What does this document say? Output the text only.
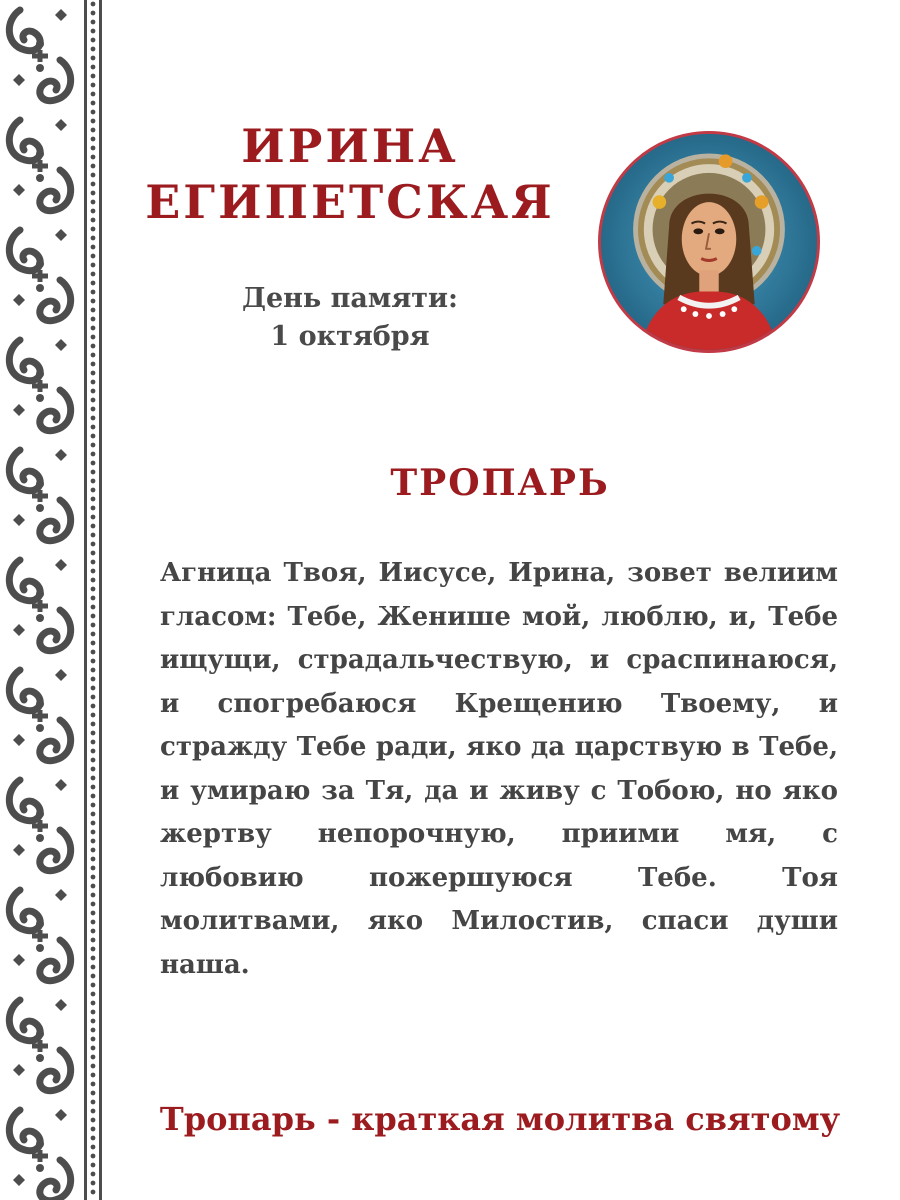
ИРИНА
ЕГИПЕТСКАЯ
День памяти:
1 октября
ТРОПАРЬ

Агница Твоя, Иисусе, Ирина, зовет велиим гласом: Тебе, Женише мой, люблю, и, Тебе ищущи, страдальчествую, и сраспинаюся, и спогребаюся Крещению Твоему, и стражду Тебе ради, яко да царствую в Тебе, и умираю за Тя, да и живу с Тобою, но яко жертву непорочную, приими мя, с любовию пожершуюся Тебе. Тоя молитвами, яко Милостив, спаси души наша.

Тропарь - краткая молитва святому
